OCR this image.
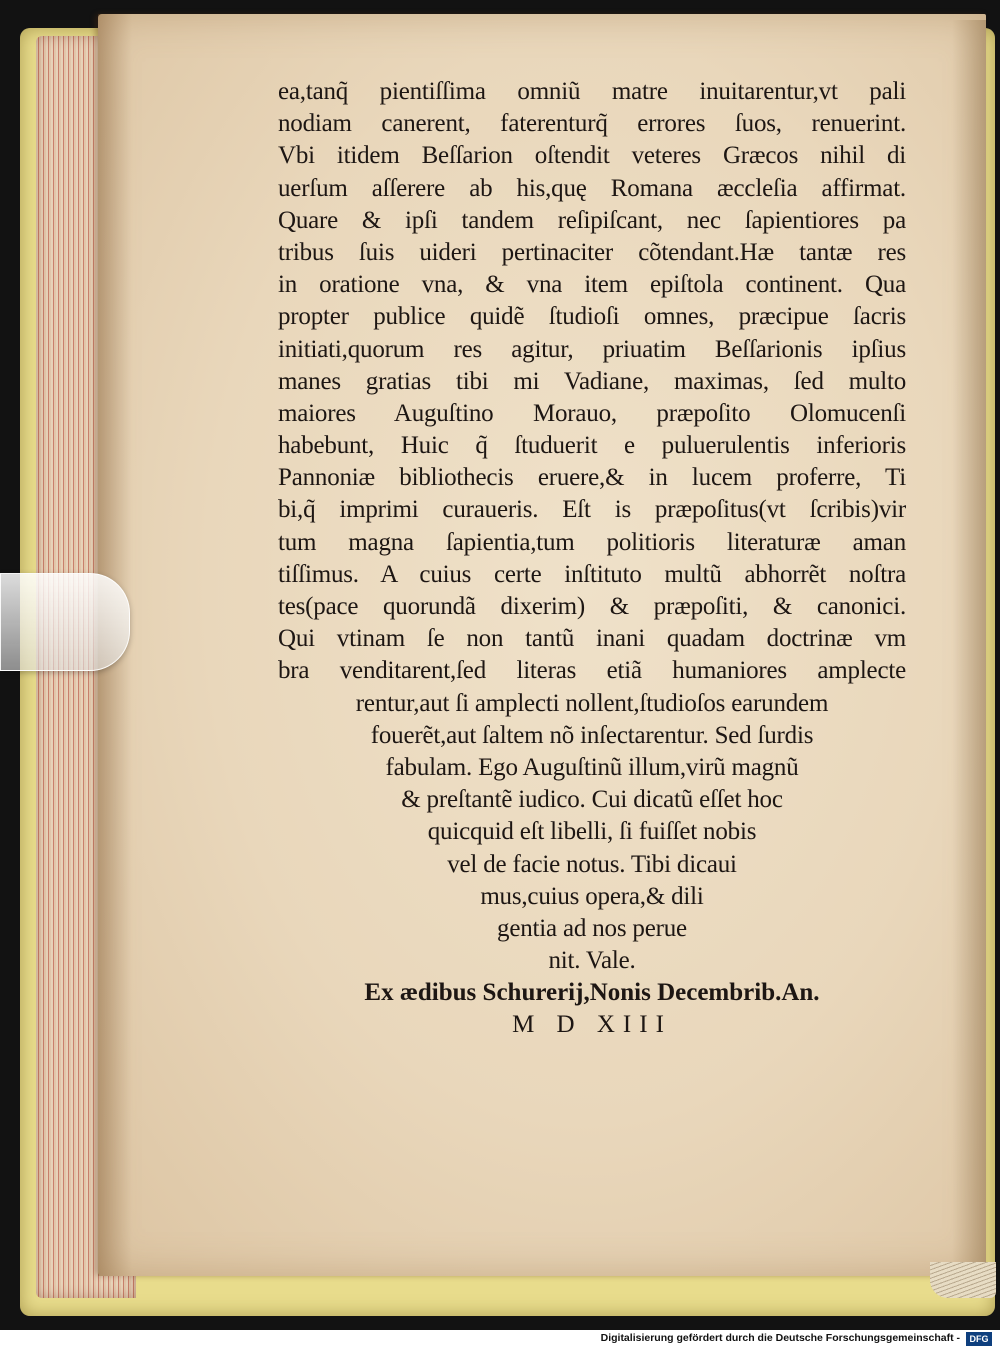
ea,tanq̃ pientiſſima omniũ matre inuitarentur,vt pali
nodiam canerent, faterenturq̃ errores ſuos, renuerint.
Vbi itidem Beſſarion oſtendit veteres Græcos nihil di
uerſum aſſerere ab his,quę Romana æccleſia affirmat.
Quare & ipſi tandem reſipiſcant, nec ſapientiores pa
tribus ſuis uideri pertinaciter cõtendant.Hæ tantæ res
in oratione vna, & vna item epiſtola continent. Qua
propter publice quidẽ ſtudioſi omnes, præcipue ſacris
initiati,quorum res agitur, priuatim Beſſarionis ipſius
manes gratias tibi mi Vadiane, maximas, ſed multo
maiores Auguſtino Morauo, præpoſito Olomucenſi
habebunt, Huic q̃ ſtuduerit e puluerulentis inferioris
Pannoniæ bibliothecis eruere,& in lucem proferre, Ti
bi,q̃ imprimi curaueris. Eſt is præpoſitus(vt ſcribis)vir
tum magna ſapientia,tum politioris literaturæ aman
tiſſimus. A cuius certe inſtituto multũ abhorrẽt noſtra
tes(pace quorundã dixerim) & præpoſiti, & canonici.
Qui vtinam ſe non tantũ inani quadam doctrinæ vm
bra venditarent,ſed literas etiã humaniores amplecte
rentur,aut ſi amplecti nollent,ſtudioſos earundem
fouerẽt,aut ſaltem nõ inſectarentur. Sed ſurdis
fabulam. Ego Auguſtinũ illum,virũ magnũ
& preſtantẽ iudico. Cui dicatũ eſſet hoc
quicquid eſt libelli, ſi fuiſſet nobis
vel de facie notus. Tibi dicaui
mus,cuius opera,& dili
gentia ad nos perue
nit. Vale.
Ex ædibus Schurerij,Nonis Decembrib.An.
M D XIII
Digitalisierung gefördert durch die Deutsche Forschungsgemeinschaft -	DFG
